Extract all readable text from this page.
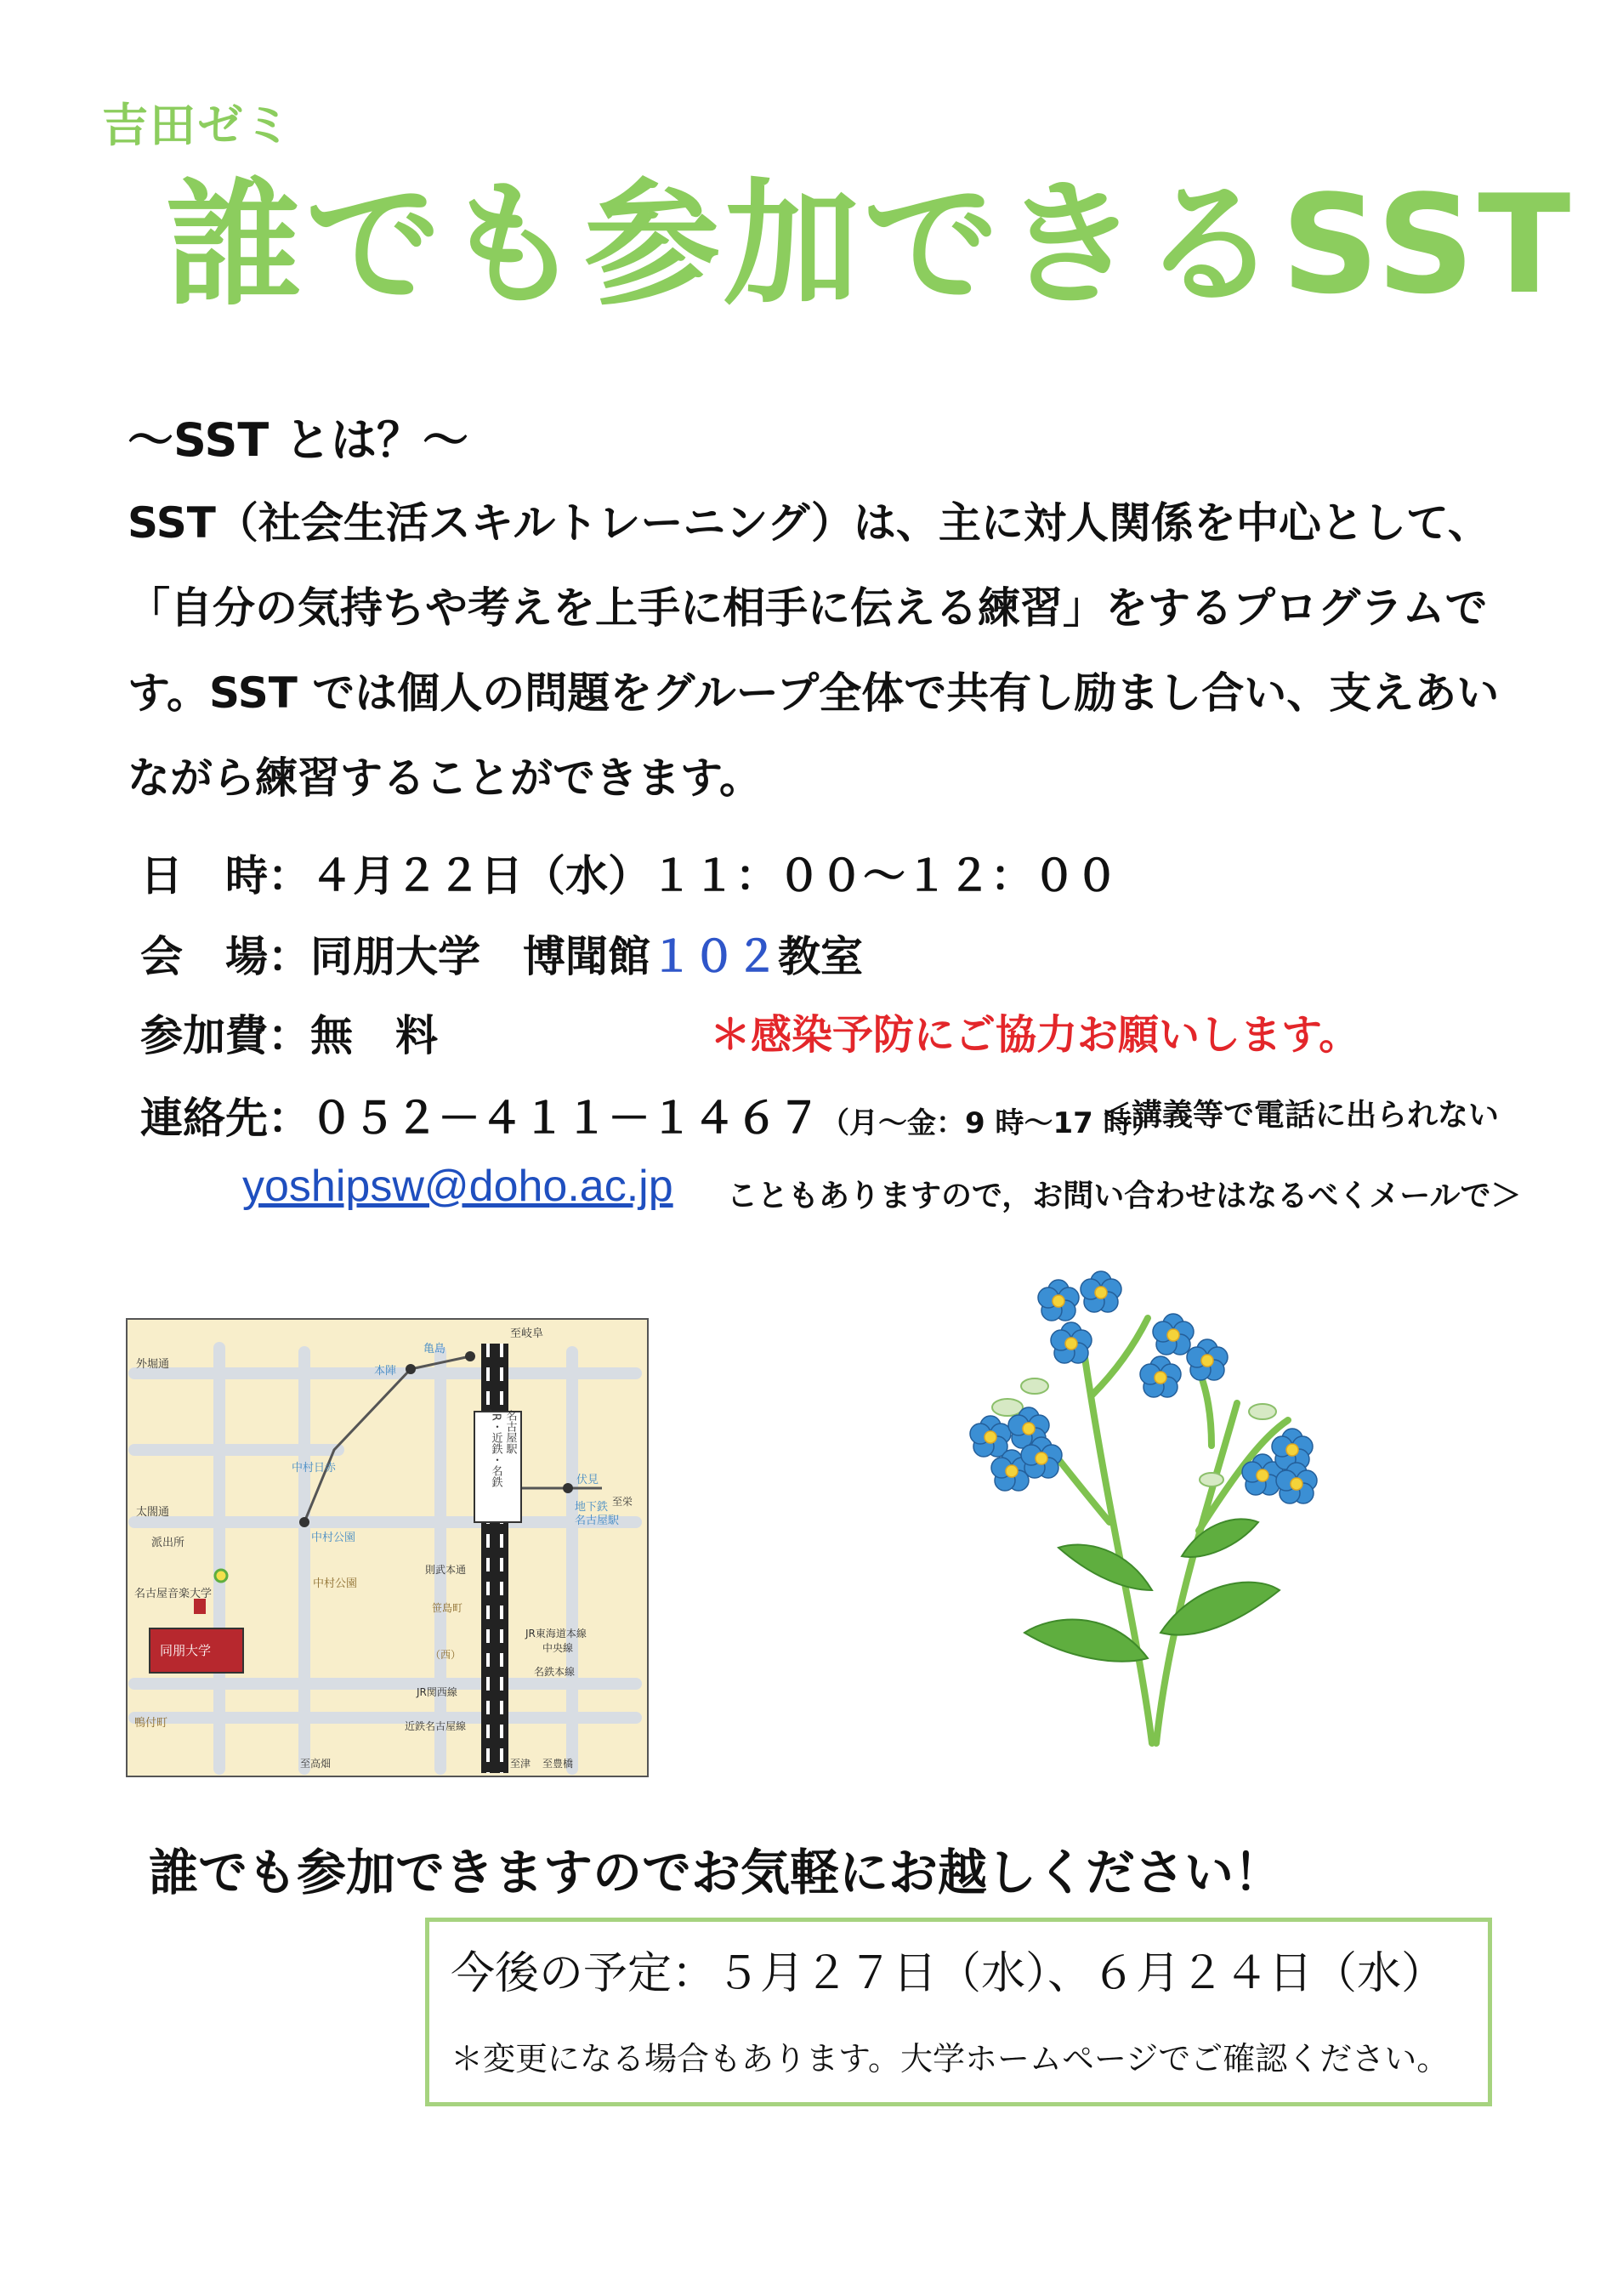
吉田ゼミ
誰でも参加できるSST
～SST とは？～
SST（社会生活スキルトレーニング）は、主に対人関係を中心として、「自分の気持ちや考えを上手に相手に伝える練習」をするプログラムです。SST では個人の問題をグループ全体で共有し励まし合い、支えあいながら練習することができます。
日　時：４月２２日（水）１１：００～１２：００
会　場：同朋大学　博聞館１０２教室
参加費：無　料	＊感染予防にご協力お願いします。
連絡先：０５２－４１１－１４６７（月～金：9 時～17 時）
＜講義等で電話に出られない
yoshipsw@doho.ac.jp こともありますので，お問い合わせはなるべくメールで＞
亀島
本陣
中村日赤
中村公園
伏見
地下鉄
名古屋駅
至岐阜
外堀通
太閤通
派出所
名古屋音楽大学
中村公園
鴨付町
笹島町
（西）
則武本通
JR東海道本線
中央線
名鉄本線
JR関西線
近鉄名古屋線
至高畑	至津 至豊橋
至栄
JR・近鉄・名鉄 名古屋駅
同朋大学
誰でも参加できますのでお気軽にお越しください！
今後の予定：５月２７日（水）、６月２４日（水）
＊変更になる場合もあります。大学ホームページでご確認ください。
